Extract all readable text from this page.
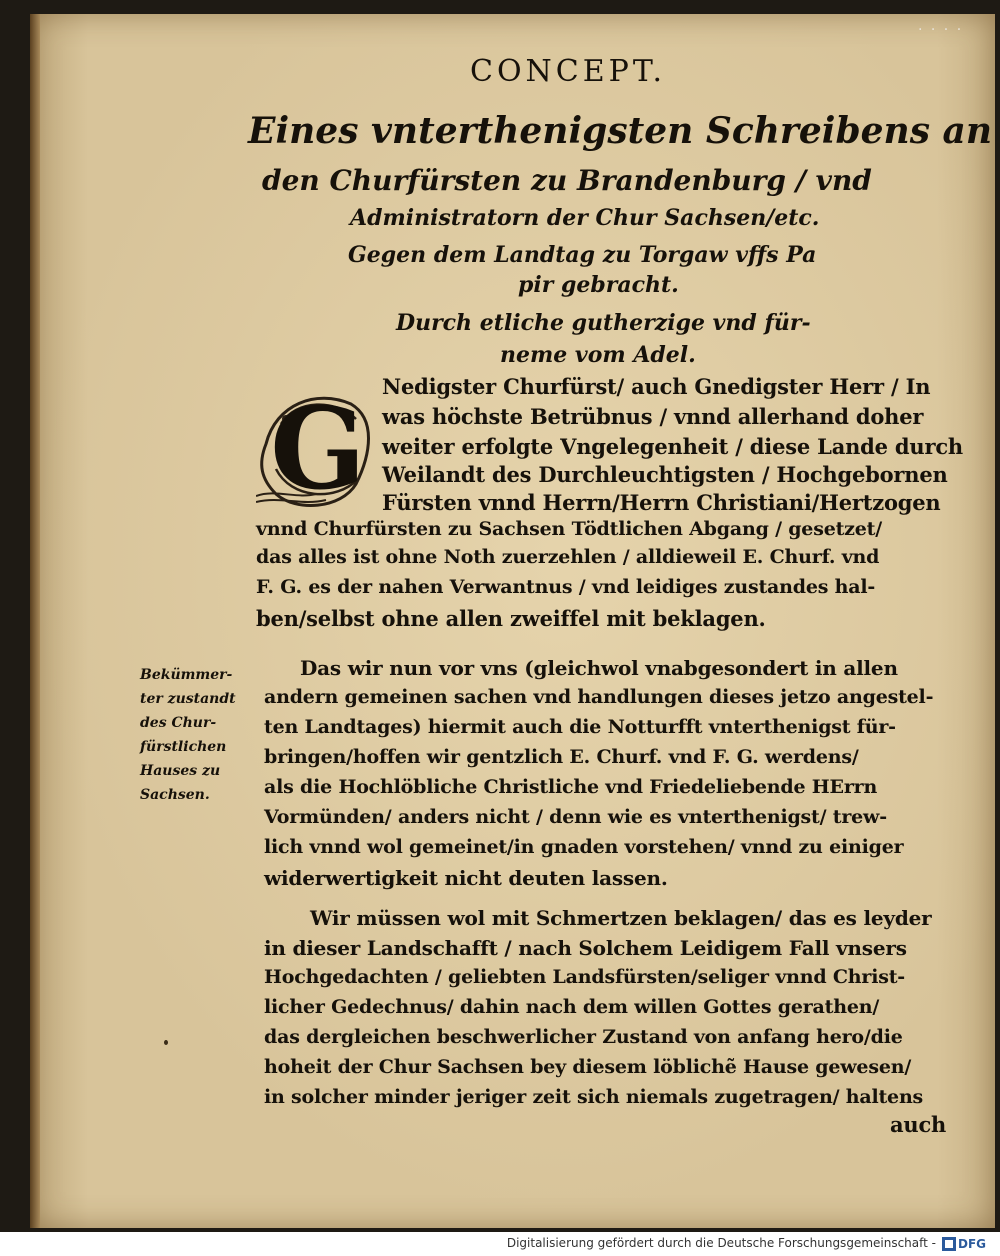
· · · ·
CONCEPT.
Eines vnterthenigsten Schreibens an
den Churfürsten zu Brandenburg / vnd
Administratorn der Chur Sachsen/etc.
Gegen dem Landtag zu Torgaw vffs Pa
pir gebracht.
Durch etliche gutherzige vnd für-
neme vom Adel.
G Nedigster Churfürst/ auch Gnedigster Herr / In
was höchste Betrübnus / vnnd allerhand doher
weiter erfolgte Vngelegenheit / diese Lande durch
Weilandt des Durchleuchtigsten / Hochgebornen
Fürsten vnnd Herrn/Herrn Christiani/Hertzogen
vnnd Churfürsten zu Sachsen Tödtlichen Abgang / gesetzet/
das alles ist ohne Noth zuerzehlen / alldieweil E. Churf. vnd
F. G. es der nahen Verwantnus / vnd leidiges zustandes hal-
ben/selbst ohne allen zweiffel mit beklagen.
Bekümmer-
ter zustandt
des Chur-
fürstlichen
Hauses zu
Sachsen.
Das wir nun vor vns (gleichwol vnabgesondert in allen
andern gemeinen sachen vnd handlungen dieses jetzo angestel-
ten Landtages) hiermit auch die Notturfft vnterthenigst für-
bringen/hoffen wir gentzlich E. Churf. vnd F. G. werdens/
als die Hochlöbliche Christliche vnd Friedeliebende HErrn
Vormünden/ anders nicht / denn wie es vnterthenigst/ trew-
lich vnnd wol gemeinet/in gnaden vorstehen/ vnnd zu einiger
widerwertigkeit nicht deuten lassen.
Wir müssen wol mit Schmertzen beklagen/ das es leyder
in dieser Landschafft / nach Solchem Leidigem Fall vnsers
Hochgedachten / geliebten Landsfürsten/seliger vnnd Christ-
licher Gedechnus/ dahin nach dem willen Gottes gerathen/
das dergleichen beschwerlicher Zustand von anfang hero/die
hoheit der Chur Sachsen bey diesem löblichẽ Hause gewesen/
in solcher minder jeriger zeit sich niemals zugetragen/ haltens
auch
Digitalisierung gefördert durch die Deutsche Forschungsgemeinschaft - DFG
